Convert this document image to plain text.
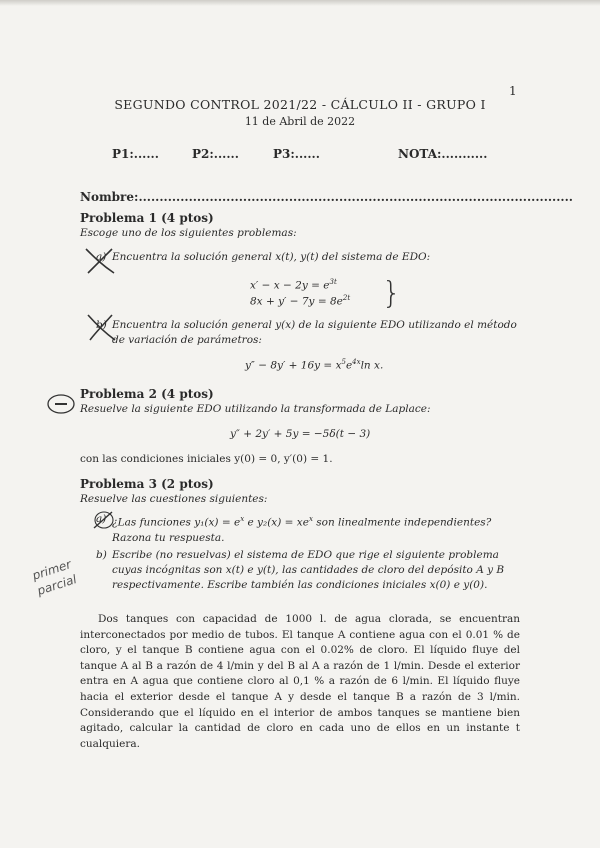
1
SEGUNDO CONTROL 2021/22 - CÁLCULO II - GRUPO I
11 de Abril de 2022
P1:......	P2:......	P3:......	NOTA:...........
Nombre:........................................................................................................
Problema 1 (4 ptos)
Escoge uno de los siguientes problemas:
a) Encuentra la solución general x(t), y(t) del sistema de EDO:
$x' - x - 2y = e^{3t}$
$8x + y' - 7y = 8e^{2t}$ }
b) Encuentra la solución general y(x) de la siguiente EDO utilizando el método de variación de parámetros:
$y'' - 8y' + 16y = x^5e^{4x}\ln$ x.
Problema 2 (4 ptos)
Resuelve la siguiente EDO utilizando la transformada de Laplace:
y″ + 2y′ + 5y = −5δ(t − 3)
con las condiciones iniciales y(0) = 0, y′(0) = 1.
Problema 3 (2 ptos)
Resuelve las cuestiones siguientes:
a) ¿Las funciones $y_1(x) = e^x$ e $y_2(x) = xe^x$ son linealmente independientes? Razona tu respuesta.
b) Escribe (no resuelvas) el sistema de EDO que rige el siguiente problema cuyas incógnitas son x(t) e y(t), las cantidades de cloro del depósito A y B respectivamente. Escribe también las condiciones iniciales x(0) e y(0).
Dos tanques con capacidad de 1000 l. de agua clorada, se encuentran interconectados por medio de tubos. El tanque A contiene agua con el 0.01 % de cloro, y el tanque B contiene agua con el 0.02% de cloro. El líquido fluye del tanque A al B a razón de 4 l/min y del B al A a razón de 1 l/min. Desde el exterior entra en A agua que contiene cloro al 0,1 % a razón de 6 l/min. El líquido fluye hacia el exterior desde el tanque A y desde el tanque B a razón de 3 l/min. Considerando que el líquido en el interior de ambos tanques se mantiene bien agitado, calcular la cantidad de cloro en cada uno de ellos en un instante t cualquiera.
primer parcial
